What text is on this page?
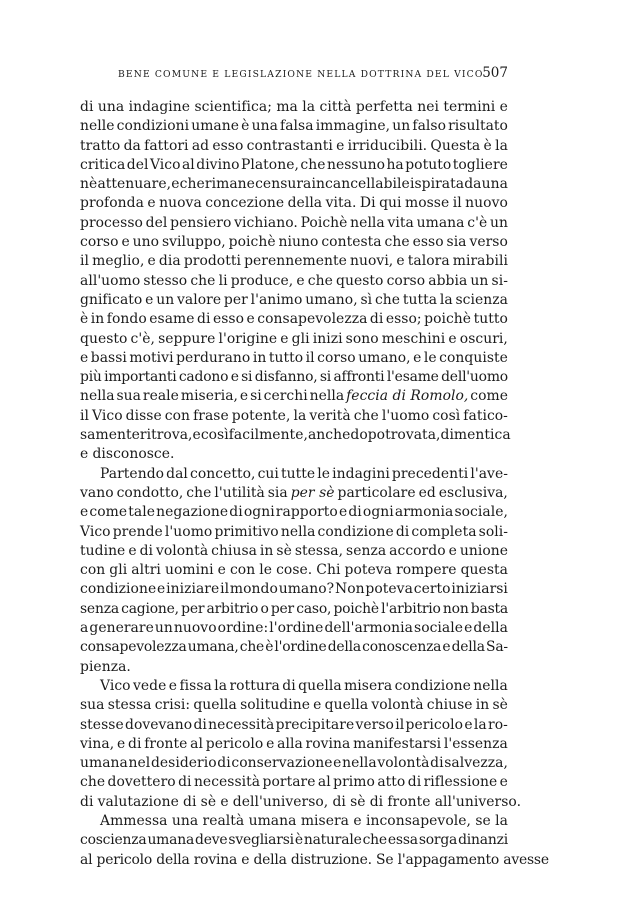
BENE COMUNE E LEGISLAZIONE NELLA DOTTRINA DEL VICO
507
di una indagine scientifica; ma la città perfetta nei termini e
nelle condizioni umane è una falsa immagine, un falso risultato
tratto da fattori ad esso contrastanti e irriducibili. Questa è la
critica del Vico al divino Platone, che nessuno ha potuto togliere
nè attenuare, e che rimane censura incancellabile ispirata da una
profonda e nuova concezione della vita. Di qui mosse il nuovo
processo del pensiero vichiano. Poichè nella vita umana c'è un
corso e uno sviluppo, poichè niuno contesta che esso sia verso
il meglio, e dia prodotti perennemente nuovi, e talora mirabili
all'uomo stesso che li produce, e che questo corso abbia un si-
gnificato e un valore per l'animo umano, sì che tutta la scienza
è in fondo esame di esso e consapevolezza di esso; poichè tutto
questo c'è, seppure l'origine e gli inizi sono meschini e oscuri,
e bassi motivi perdurano in tutto il corso umano, e le conquiste
più importanti cadono e si disfanno, si affronti l'esame dell'uomo
nella sua reale miseria, e si cerchi nella feccia di Romolo, come
il Vico disse con frase potente, la verità che l'uomo così fatico-
samente ritrova, e così facilmente, anche dopo trovata, dimentica
e disconosce.
Partendo dal concetto, cui tutte le indagini precedenti l'ave-
vano condotto, che l'utilità sia per sè particolare ed esclusiva,
e come tale negazione di ogni rapporto e di ogni armonia sociale,
Vico prende l'uomo primitivo nella condizione di completa soli-
tudine e di volontà chiusa in sè stessa, senza accordo e unione
con gli altri uomini e con le cose. Chi poteva rompere questa
condizione e iniziare il mondo umano? Non poteva certo iniziarsi
senza cagione, per arbitrio o per caso, poichè l'arbitrio non basta
a generare un nuovo ordine: l'ordine dell'armonia sociale e della
consapevolezza umana, che è l'ordine della conoscenza e della Sa-
pienza.
Vico vede e fissa la rottura di quella misera condizione nella
sua stessa crisi: quella solitudine e quella volontà chiuse in sè
stesse dovevano di necessità precipitare verso il pericolo e la ro-
vina, e di fronte al pericolo e alla rovina manifestarsi l'essenza
umana nel desiderio di conservazione e nella volontà di salvezza,
che dovettero di necessità portare al primo atto di riflessione e
di valutazione di sè e dell'universo, di sè di fronte all'universo.
Ammessa una realtà umana misera e inconsapevole, se la
coscienza umana deve svegliarsi è naturale che essa sorga dinanzi
al pericolo della rovina e della distruzione. Se l'appagamento avesse
